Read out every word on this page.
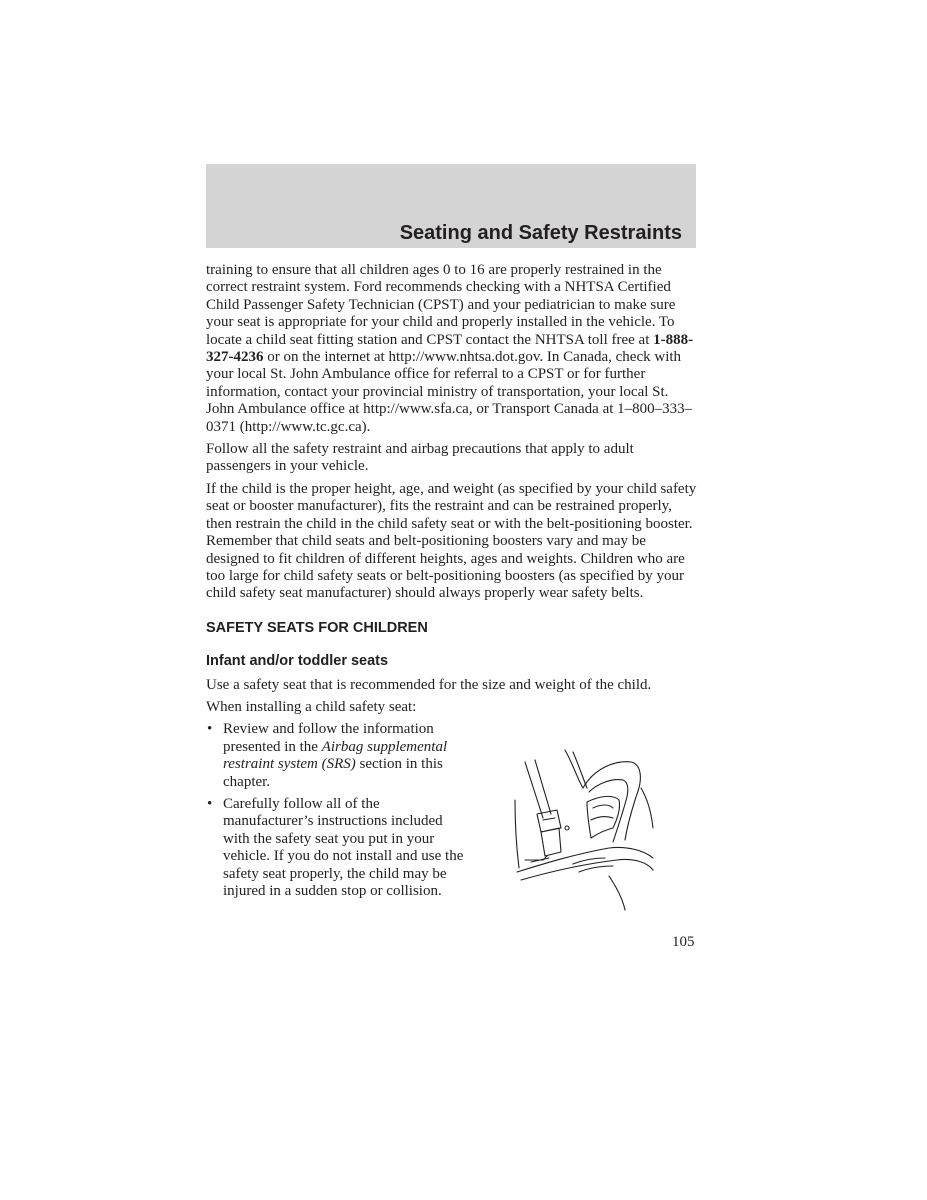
Seating and Safety Restraints

training to ensure that all children ages 0 to 16 are properly restrained in the correct restraint system. Ford recommends checking with a NHTSA Certified Child Passenger Safety Technician (CPST) and your pediatrician to make sure your seat is appropriate for your child and properly installed in the vehicle. To locate a child seat fitting station and CPST contact the NHTSA toll free at 1-888-327-4236 or on the internet at http://www.nhtsa.dot.gov. In Canada, check with your local St. John Ambulance office for referral to a CPST or for further information, contact your provincial ministry of transportation, your local St. John Ambulance office at http://www.sfa.ca, or Transport Canada at 1–800–333–0371 (http://www.tc.gc.ca).

Follow all the safety restraint and airbag precautions that apply to adult passengers in your vehicle.

If the child is the proper height, age, and weight (as specified by your child safety seat or booster manufacturer), fits the restraint and can be restrained properly, then restrain the child in the child safety seat or with the belt-positioning booster. Remember that child seats and belt-positioning boosters vary and may be designed to fit children of different heights, ages and weights. Children who are too large for child safety seats or belt-positioning boosters (as specified by your child safety seat manufacturer) should always properly wear safety belts.

SAFETY SEATS FOR CHILDREN
Infant and/or toddler seats

Use a safety seat that is recommended for the size and weight of the child.

When installing a child safety seat:

• Review and follow the information presented in the Airbag supplemental restraint system (SRS) section in this chapter.
• Carefully follow all of the manufacturer’s instructions included with the safety seat you put in your vehicle. If you do not install and use the safety seat properly, the child may be injured in a sudden stop or collision.
105
